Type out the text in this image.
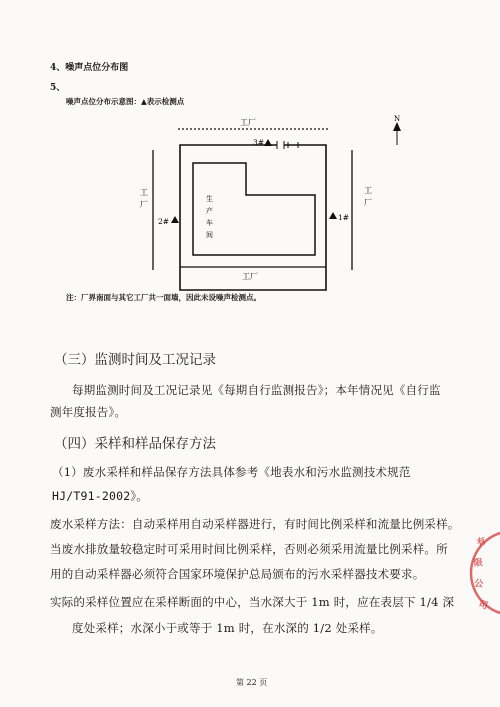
4、噪声点位分布图
5、
噪声点位分布示意图：▲表示检测点
工厂	N
工
厂
工
厂
生
产
车
间
工厂
3#
2#	1#
注：厂界南面与其它工厂共一面墙，因此未设噪声检测点。
（三）监测时间及工况记录
每期监测时间及工况记录见《每期自行监测报告》；本年情况见《自行监
测年度报告》。
（四）采样和样品保存方法
（1）废水采样和样品保存方法具体参考《地表水和污水监测技术规范
HJ/T91-2002》。
废水采样方法：自动采样用自动采样器进行，有时间比例采样和流量比例采样。
当废水排放量较稳定时可采用时间比例采样，否则必须采用流量比例采样。所
用的自动采样器必须符合国家环境保护总局颁布的污水采样器技术要求。
实际的采样位置应在采样断面的中心，当水深大于 1m 时，应在表层下 1/4 深
度处采样；水深小于或等于 1m 时，在水深的 1/2 处采样。
第 22 页
有
限
公
司
